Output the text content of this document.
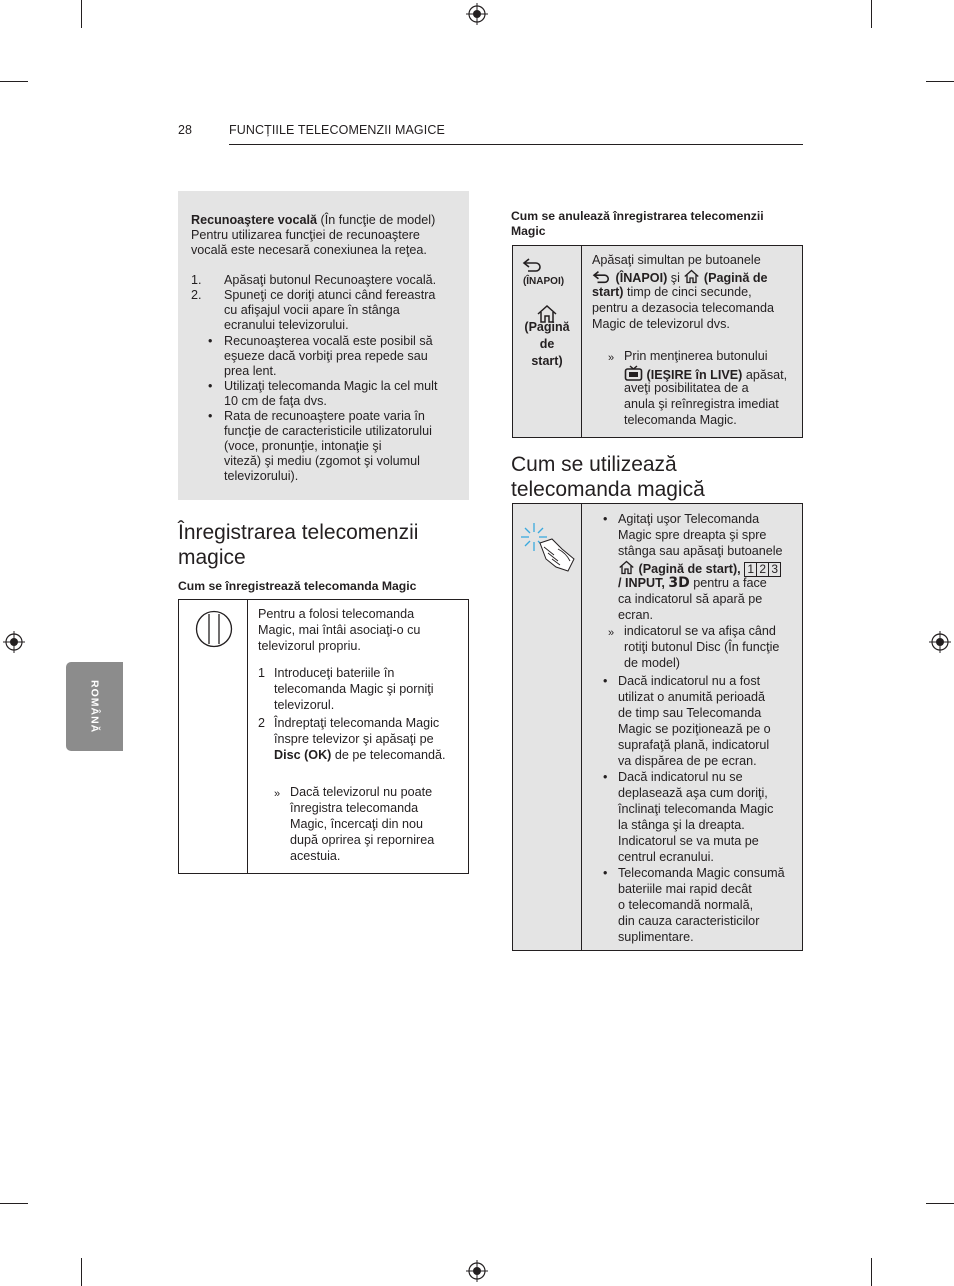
28	FUNCȚIILE TELECOMENZII MAGICE
ROMÂNĂ
Recunoaştere vocală (În funcţie de model)
Pentru utilizarea funcţiei de recunoaştere
vocală este necesară conexiunea la reţea.
1. Apăsaţi butonul Recunoaştere vocală.
2. Spuneţi ce doriţi atunci când fereastra
cu afişajul vocii apare în stânga
ecranului televizorului.
• Recunoaşterea vocală este posibil să
eşueze dacă vorbiţi prea repede sau
prea lent.
• Utilizaţi telecomanda Magic la cel mult
10 cm de faţa dvs.
• Rata de recunoaştere poate varia în
funcţie de caracteristicile utilizatorului
(voce, pronunţie, intonaţie şi
viteză) şi mediu (zgomot şi volumul
televizorului).
Înregistrarea telecomenzii
magice
Cum se înregistrează telecomanda Magic
Pentru a folosi telecomanda
Magic, mai întâi asociaţi-o cu
televizorul propriu.
1 Introduceţi bateriile în
telecomanda Magic şi porniţi
televizorul.
2 Îndreptaţi telecomanda Magic
înspre televizor şi apăsaţi pe
Disc (OK) de pe telecomandă.
» Dacă televizorul nu poate
înregistra telecomanda
Magic, încercaţi din nou
după oprirea şi repornirea
acestuia.
Cum se anulează înregistrarea telecomenzii
Magic
(ÎNAPOI)
(Pagină
de
start)
Apăsaţi simultan pe butoanele
(ÎNAPOI) şi  (Pagină de
start) timp de cinci secunde,
pentru a dezasocia telecomanda
Magic de televizorul dvs.
» Prin menţinerea butonului
(IEŞIRE în LIVE) apăsat,
aveţi posibilitatea de a
anula şi reînregistra imediat
telecomanda Magic.
Cum se utilizează
telecomanda magică
• Agitaţi uşor Telecomanda
Magic spre dreapta şi spre
stânga sau apăsaţi butoanele
(Pagină de start), 1 2 3
/ INPUT, 3D pentru a face
ca indicatorul să apară pe
ecran.
» indicatorul se va afişa când
rotiţi butonul Disc (În funcţie
de model)
• Dacă indicatorul nu a fost
utilizat o anumită perioadă
de timp sau Telecomanda
Magic se poziţionează pe o
suprafaţă plană, indicatorul
va dispărea de pe ecran.
• Dacă indicatorul nu se
deplasează aşa cum doriţi,
înclinaţi telecomanda Magic
la stânga şi la dreapta.
Indicatorul se va muta pe
centrul ecranului.
• Telecomanda Magic consumă
bateriile mai rapid decât
o telecomandă normală,
din cauza caracteristicilor
suplimentare.
